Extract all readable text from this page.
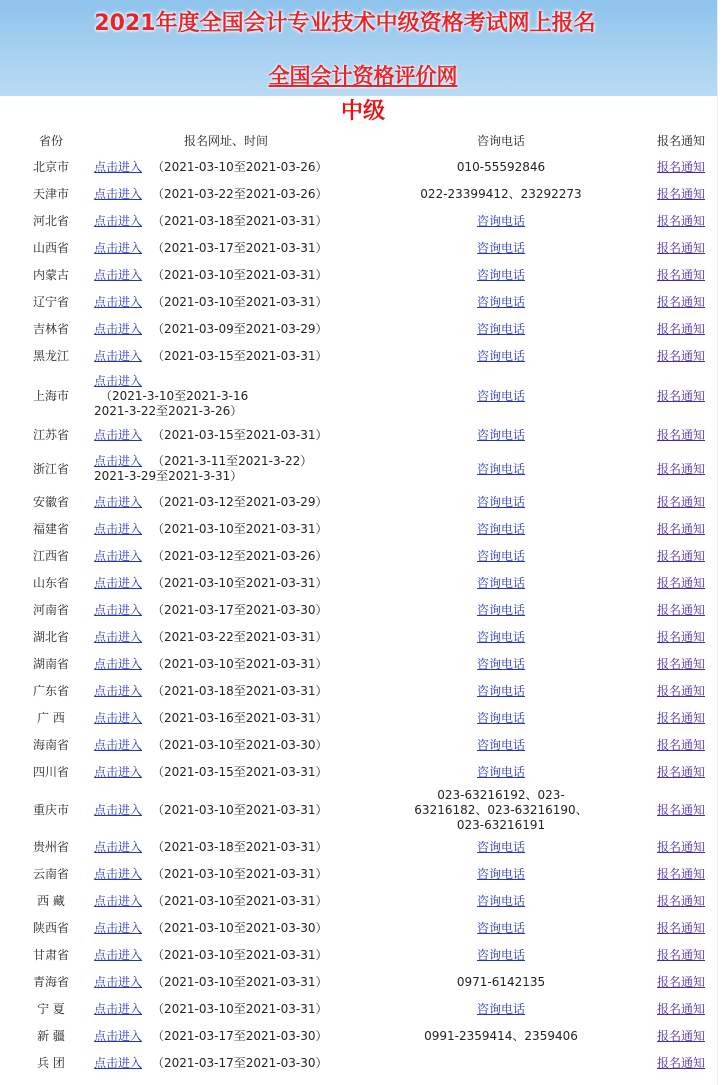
2021年度全国会计专业技术中级资格考试网上报名
全国会计资格评价网
中级
省份	报名网址、时间	咨询电话	报名通知
北京市	点击进入 （2021-03-10至2021-03-26）	010-55592846	报名通知
天津市	点击进入 （2021-03-22至2021-03-26）	022-23399412、23292273	报名通知
河北省	点击进入 （2021-03-18至2021-03-31）	咨询电话	报名通知
山西省	点击进入 （2021-03-17至2021-03-31）	咨询电话	报名通知
内蒙古	点击进入 （2021-03-10至2021-03-31）	咨询电话	报名通知
辽宁省	点击进入 （2021-03-10至2021-03-31）	咨询电话	报名通知
吉林省	点击进入 （2021-03-09至2021-03-29）	咨询电话	报名通知
黑龙江	点击进入 （2021-03-15至2021-03-31）	咨询电话	报名通知
上海市	点击进入
（2021-3-10至2021-3-16
2021-3-22至2021-3-26）	咨询电话	报名通知
江苏省	点击进入 （2021-03-15至2021-03-31）	咨询电话	报名通知
浙江省	点击进入 （2021-3-11至2021-3-22）
2021-3-29至2021-3-31）	咨询电话	报名通知
安徽省	点击进入 （2021-03-12至2021-03-29）	咨询电话	报名通知
福建省	点击进入 （2021-03-10至2021-03-31）	咨询电话	报名通知
江西省	点击进入 （2021-03-12至2021-03-26）	咨询电话	报名通知
山东省	点击进入 （2021-03-10至2021-03-31）	咨询电话	报名通知
河南省	点击进入 （2021-03-17至2021-03-30）	咨询电话	报名通知
湖北省	点击进入 （2021-03-22至2021-03-31）	咨询电话	报名通知
湖南省	点击进入 （2021-03-10至2021-03-31）	咨询电话	报名通知
广东省	点击进入 （2021-03-18至2021-03-31）	咨询电话	报名通知
广 西	点击进入 （2021-03-16至2021-03-31）	咨询电话	报名通知
海南省	点击进入 （2021-03-10至2021-03-30）	咨询电话	报名通知
四川省	点击进入 （2021-03-15至2021-03-31）	咨询电话	报名通知
重庆市	点击进入 （2021-03-10至2021-03-31）	023-63216192、023-
63216182、023-63216190、
023-63216191	报名通知
贵州省	点击进入 （2021-03-18至2021-03-31）	咨询电话	报名通知
云南省	点击进入 （2021-03-10至2021-03-31）	咨询电话	报名通知
西 藏	点击进入 （2021-03-10至2021-03-31）	咨询电话	报名通知
陕西省	点击进入 （2021-03-10至2021-03-30）	咨询电话	报名通知
甘肃省	点击进入 （2021-03-10至2021-03-31）	咨询电话	报名通知
青海省	点击进入 （2021-03-10至2021-03-31）	0971-6142135	报名通知
宁 夏	点击进入 （2021-03-10至2021-03-31）	咨询电话	报名通知
新 疆	点击进入 （2021-03-17至2021-03-30）	0991-2359414、2359406	报名通知
兵 团	点击进入 （2021-03-17至2021-03-30）		报名通知
